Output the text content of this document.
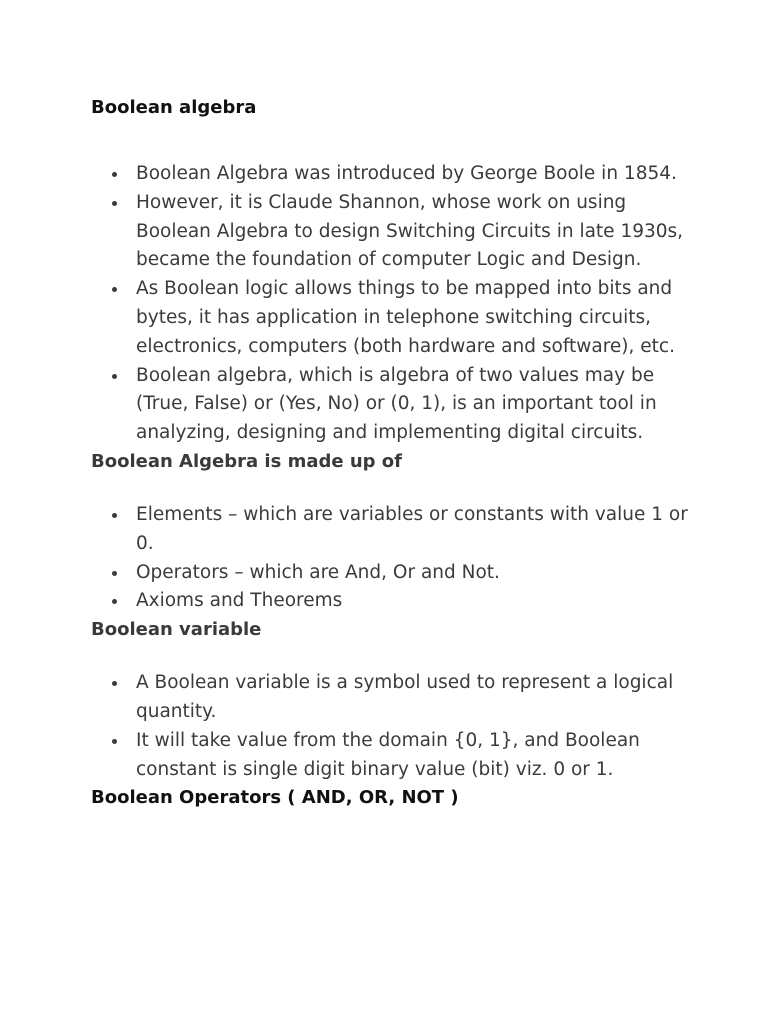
Boolean algebra
Boolean Algebra was introduced by George Boole in 1854.
However, it is Claude Shannon, whose work on using Boolean Algebra to design Switching Circuits in late 1930s, became the foundation of computer Logic and Design.
As Boolean logic allows things to be mapped into bits and bytes, it has application in telephone switching circuits, electronics, computers (both hardware and software), etc.
Boolean algebra, which is algebra of two values may be (True, False) or (Yes, No) or (0, 1), is an important tool in analyzing, designing and implementing digital circuits.
Boolean Algebra is made up of
Elements – which are variables or constants with value 1 or 0.
Operators – which are And, Or and Not.
Axioms and Theorems
Boolean variable
A Boolean variable is a symbol used to represent a logical quantity.
It will take value from the domain {0, 1}, and Boolean constant is single digit binary value (bit) viz. 0 or 1.
Boolean Operators ( AND, OR, NOT )
